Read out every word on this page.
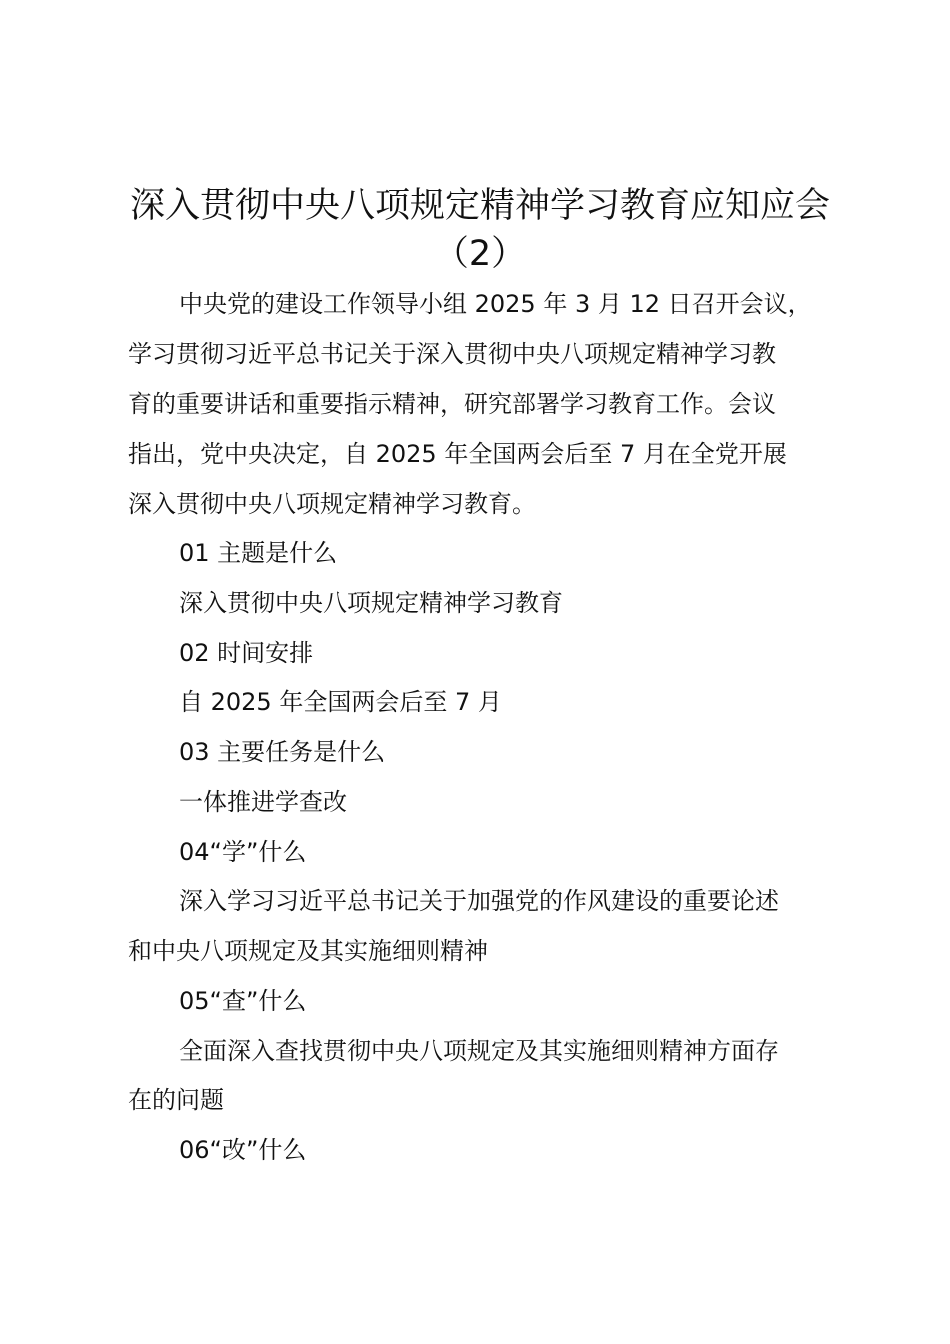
深入贯彻中央八项规定精神学习教育应知应会
（2）
中央党的建设工作领导小组 2025 年 3 月 12 日召开会议，
学习贯彻习近平总书记关于深入贯彻中央八项规定精神学习教
育的重要讲话和重要指示精神，研究部署学习教育工作。会议
指出，党中央决定，自 2025 年全国两会后至 7 月在全党开展
深入贯彻中央八项规定精神学习教育。
01 主题是什么
深入贯彻中央八项规定精神学习教育
02 时间安排
自 2025 年全国两会后至 7 月
03 主要任务是什么
一体推进学查改
04“学”什么
深入学习习近平总书记关于加强党的作风建设的重要论述
和中央八项规定及其实施细则精神
05“查”什么
全面深入查找贯彻中央八项规定及其实施细则精神方面存
在的问题
06“改”什么
